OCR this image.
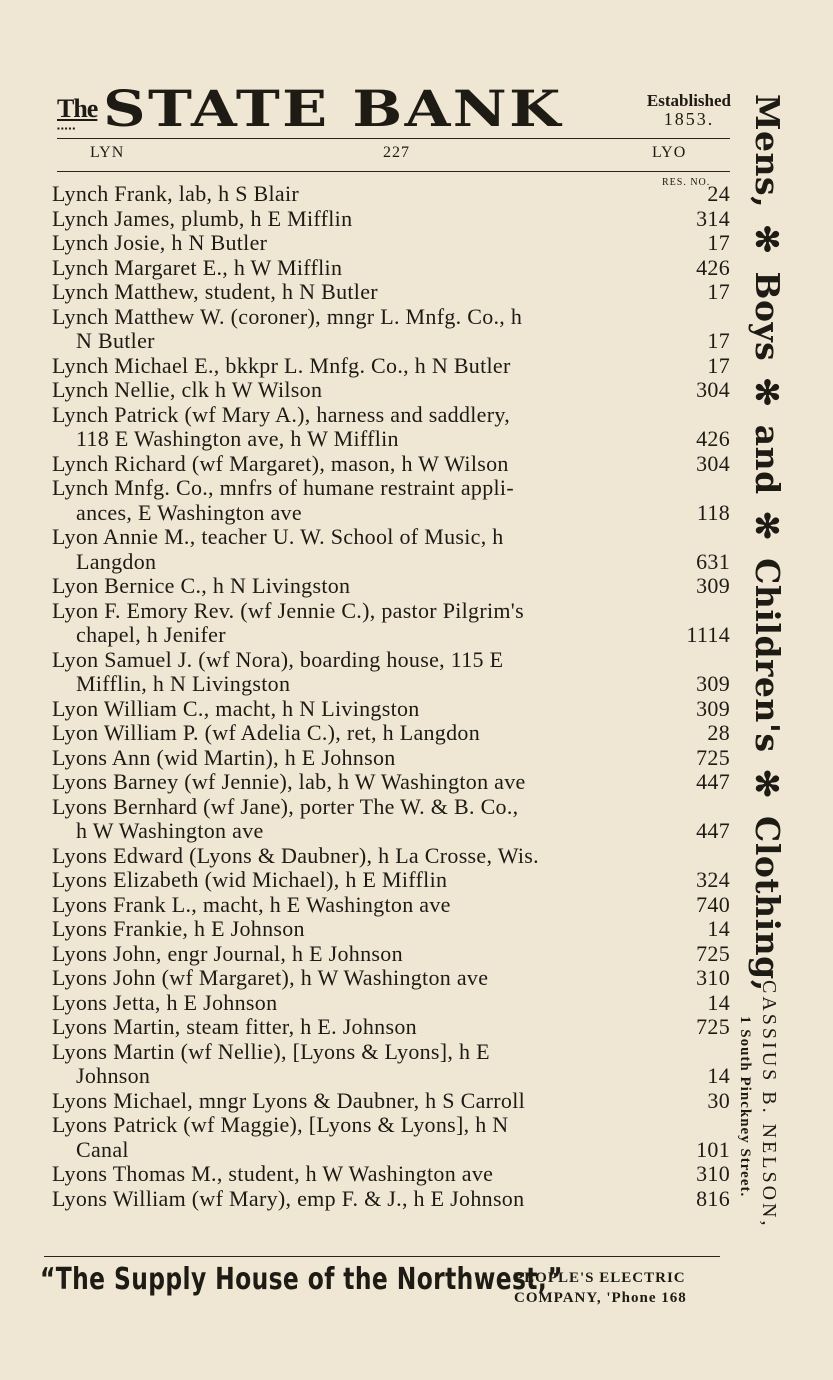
The
▪▪▪▪▪ STATE BANK	Established
1853.
LYN	227	LYO
RES. NO.
Lynch Frank, lab, h S Blair	24
Lynch James, plumb, h E Mifflin	314
Lynch Josie, h N Butler	17
Lynch Margaret E., h W Mifflin	426
Lynch Matthew, student, h N Butler	17
Lynch Matthew W. (coroner), mngr L. Mnfg. Co., h
N Butler	17
Lynch Michael E., bkkpr L. Mnfg. Co., h N Butler	17
Lynch Nellie, clk h W Wilson	304
Lynch Patrick (wf Mary A.), harness and saddlery,
118 E Washington ave, h W Mifflin	426
Lynch Richard (wf Margaret), mason, h W Wilson	304
Lynch Mnfg. Co., mnfrs of humane restraint appli-
ances, E Washington ave	118
Lyon Annie M., teacher U. W. School of Music, h
Langdon	631
Lyon Bernice C., h N Livingston	309
Lyon F. Emory Rev. (wf Jennie C.), pastor Pilgrim's
chapel, h Jenifer	1114
Lyon Samuel J. (wf Nora), boarding house, 115 E
Mifflin, h N Livingston	309
Lyon William C., macht, h N Livingston	309
Lyon William P. (wf Adelia C.), ret, h Langdon	28
Lyons Ann (wid Martin), h E Johnson	725
Lyons Barney (wf Jennie), lab, h W Washington ave	447
Lyons Bernhard (wf Jane), porter The W. & B. Co.,
h W Washington ave	447
Lyons Edward (Lyons & Daubner), h La Crosse, Wis.
Lyons Elizabeth (wid Michael), h E Mifflin	324
Lyons Frank L., macht, h E Washington ave	740
Lyons Frankie, h E Johnson	14
Lyons John, engr Journal, h E Johnson	725
Lyons John (wf Margaret), h W Washington ave	310
Lyons Jetta, h E Johnson	14
Lyons Martin, steam fitter, h E. Johnson	725
Lyons Martin (wf Nellie), [Lyons & Lyons], h E
Johnson	14
Lyons Michael, mngr Lyons & Daubner, h S Carroll	30
Lyons Patrick (wf Maggie), [Lyons & Lyons], h N
Canal	101
Lyons Thomas M., student, h W Washington ave	310
Lyons William (wf Mary), emp F. & J., h E Johnson	816
Mens, ✻ Boys ✻ and ✻ Children's ✻ Clothing,
CASSIUS B. NELSON,
1 South Pinckney Street.
“The Supply House of the Northwest,”
PEOPLE'S ELECTRIC
COMPANY, 'Phone 168
